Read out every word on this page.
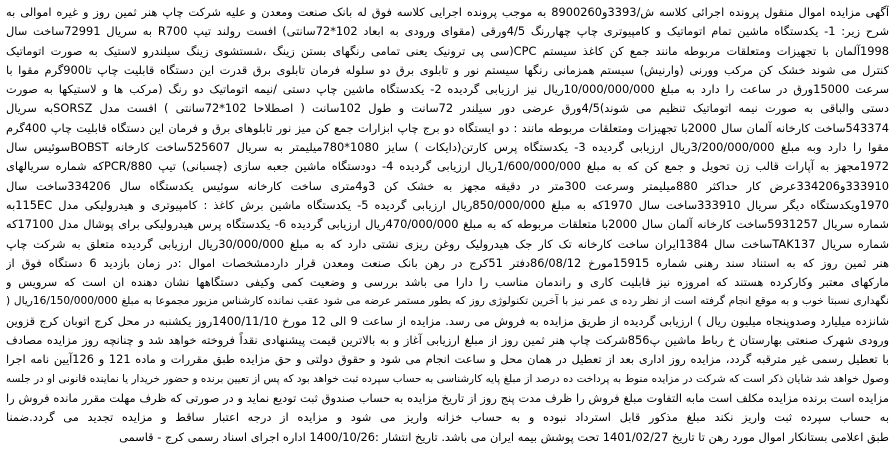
آگهی مزایده اموال منقول پرونده اجرائی کلاسه ش/3393و8900260 به موجب پرونده اجرایی کلاسه فوق له بانک صنعت ومعدن و علیه شرکت چاپ هنر ثمین روز و غیره اموالی به
شرح زیر: 1- یکدستگاه ماشین تمام اتوماتیک و کامپیوتری چاپ چهاررنگ 4/5ورقی (مقوای ورودی به ابعاد 102*72سانتی) افست رولند تیپ R700 به سریال 72991ساخت سال
1998آلمان با تجهیزات ومتعلقات مربوطه مانند جمع کن کاغذ سیستم CPC(سی پی ترونیک یعنی تمامی رنگهای بستن زینگ ،شستشوی زینگ سیلندرو لاستیک به صورت اتوماتیک
کنترل می شوند خشک کن مرکب وورنی (وارنیش) سیستم همزمانی رنگها سیستم نور و تابلوی برق دو سلوله فرمان تابلوی برق قدرت این دستگاه قابلیت چاپ تا900گرم مقوا با
سرعت 15000ورق در ساعت را دارد به مبلغ 10/000/000/000ریال نیز ارزیابی گردیده 2- یکدستگاه ماشین چاپ دستی /نیمه اتوماتیک دو رنگ (مرکب ها و لاستیکها به صورت
دستی والباقی به صورت نیمه اتوماتیک تنظیم می شوند)4/5ورق عرضی دور سیلندر 72سانت و طول 102سانت ( اصطلاحا 102*72سانتی ) افست مدل SORSZبه سریال
543374ساخت کارخانه آلمان سال 2000با تجهیزات ومتعلقات مربوطه مانند : دو ایستگاه دو برج چاپ ابزارات جمع کن میز نور تابلوهای برق و فرمان این دستگاه قابلیت چاپ 400گرم
مقوا را دارد وبه مبلغ 3/200/000/000ریال ارزیابی گردیده 3- یکدستگاه پرس کارتن(دایکات ) سایز 1080*780میلیمتر به سریال 525607ساخت کارخانه BOBSTسوئیس سال
1972مجهز به آپارات قالب زن تحویل و جمع کن که به مبلغ 1/600/000/000ریال ارزیابی گردیده 4- دودستگاه ماشین جعبه سازی (چسبانی) تیپ PCR/880که شماره سریالهای
333910و334206عرض کار حداکثر 880میلیمتر وسرعت 300متر در دقیقه مجهز به خشک کن 3و4متری ساخت کارخانه سوئیس یکدستگاه سال 334206ساخت سال
1970ویکدستگاه دیگر سریال 333910ساخت سال 1970که به مبلغ 850/000/000ریال ارزیابی گردیده 5- یکدستگاه ماشین برش کاغذ : کامپیوتری و هیدرولیکی مدل 115ECبه
شماره سریال 5931257ساخت کارخانه آلمان سال 2000با متعلقات مربوطه که به مبلغ 470/000/000ریال ارزیابی گردیده 6- یکدستگاه پرس هیدرولیکی برای پوشال مدل 17100که
شماره سریال TAK137ساخت سال 1384ایران ساخت کارخانه تک کار جک هیدرولیک روغن ریزی نشتی دارد که به مبلغ 30/000/000ریال ارزیابی گردیده متعلق به شرکت چاپ
هنر ثمین روز که به استناد سند رهنی شماره 15915مورخ 86/08/12دفتر 51کرج در رهن بانک صنعت ومعدن قرار داردمشخصات اموال :در زمان بازدید 6 دستگاه فوق از
مارکهای معتبر وکارکرده هستند که امروزه نیز قابلیت کاری و راندمان مناسب را دارا می باشد بررسی و وضعیت کمی وکیفی دستگاهها نشان دهنده ان است که سرویس و
نگهداری نسبتا خوب و به موقع انجام گرفته است از نظر رده ی عمر نیز با آخرین تکنولوژی روز که بطور مستمر عرضه می شود عقب نمانده کارشناس مزبور مجموعا به مبلغ 16/150/000/000ریال (
شانزده میلیارد وصدوپنجاه میلیون ریال ) ارزیابی گردیده از طریق مزایده به فروش می رسد. مزایده از ساعت 9 الی 12 مورخ 1400/11/10روز یکشنبه در محل کرج اتوبان کرج قزوین
ورودی شهرک صنعتی بهارستان خ رباط ماشین پ856شرکت چاپ هنر ثمین روز از مبلغ ارزیابی آغاز و به بالاترین قیمت پیشنهادی نقداً فروخته خواهد شد و چنانچه روز مزایده مصادف
با تعطیل رسمی غیر مترقبه گردد، مزایده روز اداری بعد از تعطیل در همان محل و ساعت انجام می شود و حقوق دولتی و حق مزایده طبق مقررات و ماده 121 و 126آیین نامه اجرا
وصول خواهد شد شایان ذکر است که شرکت در مزایده منوط به پرداخت ده درصد از مبلغ پایه کارشناسی به حساب سپرده ثبت خواهد بود که پس از تعیین برنده و حضور خریدار یا نماینده قانونی او در جلسه
مزایده است برنده مزایده مکلف است مابه التفاوت مبلغ فروش را ظرف مدت پنج روز از تاریخ مزایده به حساب صندوق ثبت تودیع نماید و در صورتی که ظرف مهلت مقرر مانده فروش را
به حساب سپرده ثبت واریز نکند مبلغ مذکور قابل استرداد نبوده و به حساب خزانه واریز می شود و مزایده از درجه اعتبار ساقط و مزایده تجدید می گردد.ضمنا
طبق اعلامی بستانکار اموال مورد رهن تا تاریخ 1401/02/27 تحت پوشش بیمه ایران می باشد. تاریخ انتشار :1400/10/26 اداره اجرای اسناد رسمی کرج - قاسمی
